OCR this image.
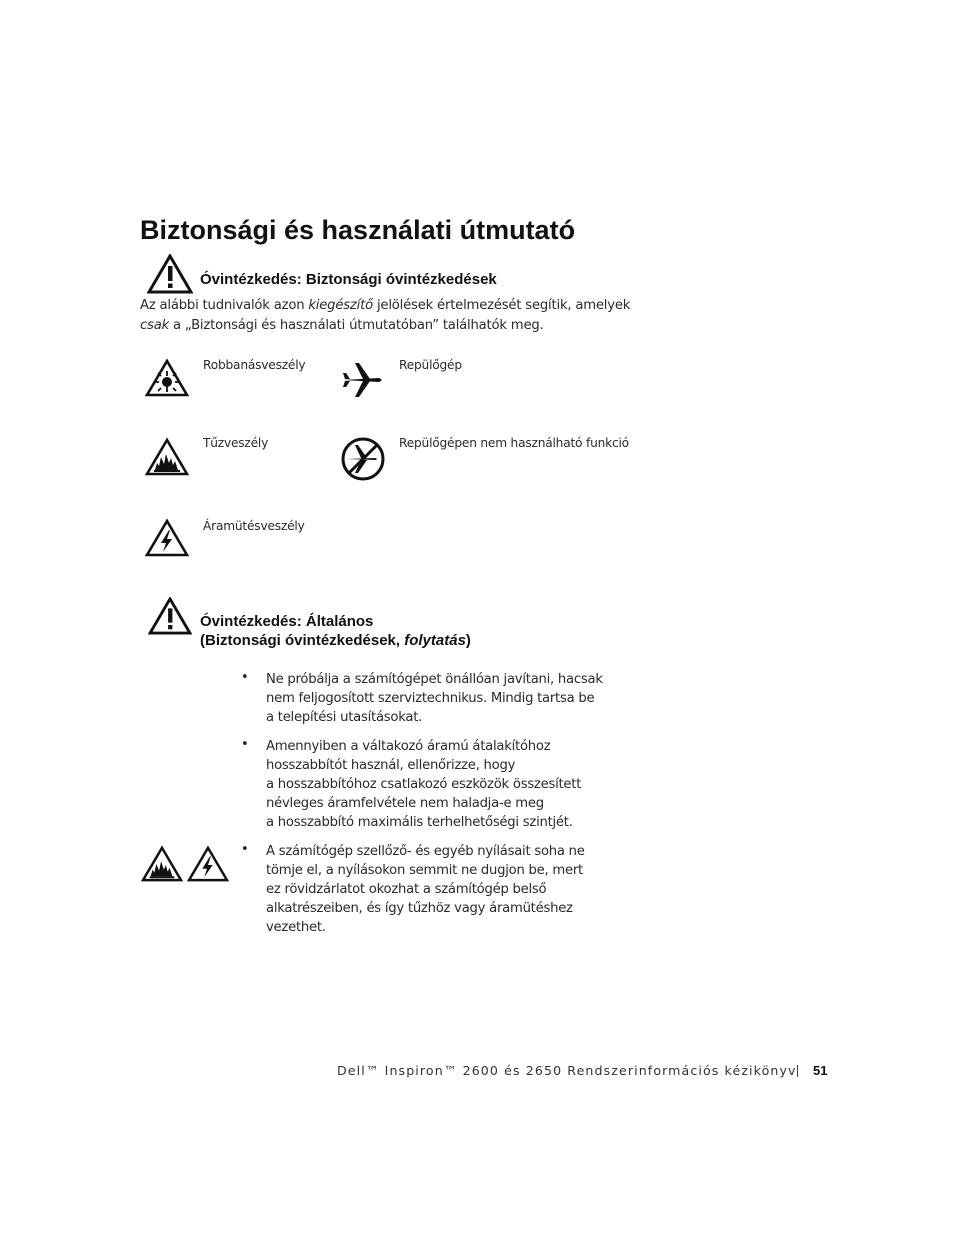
Biztonsági és használati útmutató
Óvintézkedés: Biztonsági óvintézkedések
Az alábbi tudnivalók azon kiegészítő jelölések értelmezését segítik, amelyek
csak a „Biztonsági és használati útmutatóban” találhatók meg.
Robbanásveszély	Repülőgép
Tűzveszély	Repülőgépen nem használható funkció
Áramütésveszély
Óvintézkedés: Általános
(Biztonsági óvintézkedések, folytatás)
• Ne próbálja a számítógépet önállóan javítani, hacsak
nem feljogosított szerviztechnikus. Mindig tartsa be
a telepítési utasításokat.
• Amennyiben a váltakozó áramú átalakítóhoz
hosszabbítót használ, ellenőrizze, hogy
a hosszabbítóhoz csatlakozó eszközök összesített
névleges áramfelvétele nem haladja-e meg
a hosszabbító maximális terhelhetőségi szintjét.
• A számítógép szellőző- és egyéb nyílásait soha ne
tömje el, a nyílásokon semmit ne dugjon be, mert
ez rövidzárlatot okozhat a számítógép belső
alkatrészeiben, és így tűzhöz vagy áramütéshez
vezethet.
Dell™ Inspiron™ 2600 és 2650 Rendszerinformációs kézikönyv 51
